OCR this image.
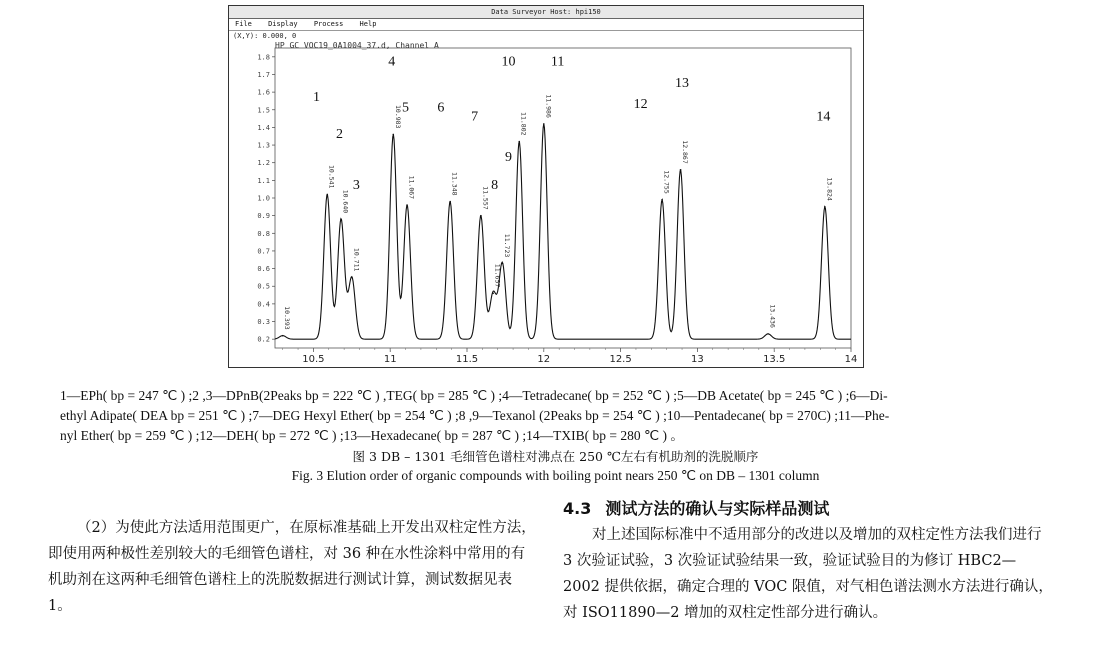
Data Surveyor Host: hpi150
File Display Process Help
(X,Y): 0.000, 0
0.2
0.3
0.4
0.5
0.6
0.7
0.8
0.9
1.0
1.1
1.2
1.3
1.4
1.5
1.6
1.7
1.8
10.5	11	11.5	12	12.5	13	13.5	14
10.393
10.541
10.640
10.711
10.983
11.067	11.348
11.557
11.657
11.723
11.802
11.986
12.755
12.867
13.436
13.824
1
2
3
4
5 6
7
8
9
10	11
12
13
14
HP GC VOC19_0A1004_37.d, Channel A
1—EPh( bp = 247 ℃ ) ;2 ,3—DPnB(2Peaks bp = 222 ℃ ) ,TEG( bp = 285 ℃ ) ;4—Tetradecane( bp = 252 ℃ ) ;5—DB Acetate( bp = 245 ℃ ) ;6—Di-
ethyl Adipate( DEA bp = 251 ℃ ) ;7—DEG Hexyl Ether( bp = 254 ℃ ) ;8 ,9—Texanol (2Peaks bp = 254 ℃ ) ;10—Pentadecane( bp = 270C) ;11—Phe-
nyl Ether( bp = 259 ℃ ) ;12—DEH( bp = 272 ℃ ) ;13—Hexadecane( bp = 287 ℃ ) ;14—TXIB( bp = 280 ℃ ) 。
图 3 DB – 1301 毛细管色谱柱对沸点在 250 ℃左右有机助剂的洗脱顺序
Fig. 3 Elution order of organic compounds with boiling point nears 250 ℃ on DB – 1301 column

（2）为使此方法适用范围更广，在原标准基础上开发出双柱定性方法，即使用两种极性差别较大的毛细管色谱柱，对 36 种在水性涂料中常用的有机助剂在这两种毛细管色谱柱上的洗脱数据进行测试计算，测试数据见表 1。

4.3 测试方法的确认与实际样品测试

对上述国际标准中不适用部分的改进以及增加的双柱定性方法我们进行 3 次验证试验，3 次验证试验结果一致，验证试验目的为修订 HBC2—2002 提供依据，确定合理的 VOC 限值，对气相色谱法测水方法进行确认，对 ISO11890—2 增加的双柱定性部分进行确认。
